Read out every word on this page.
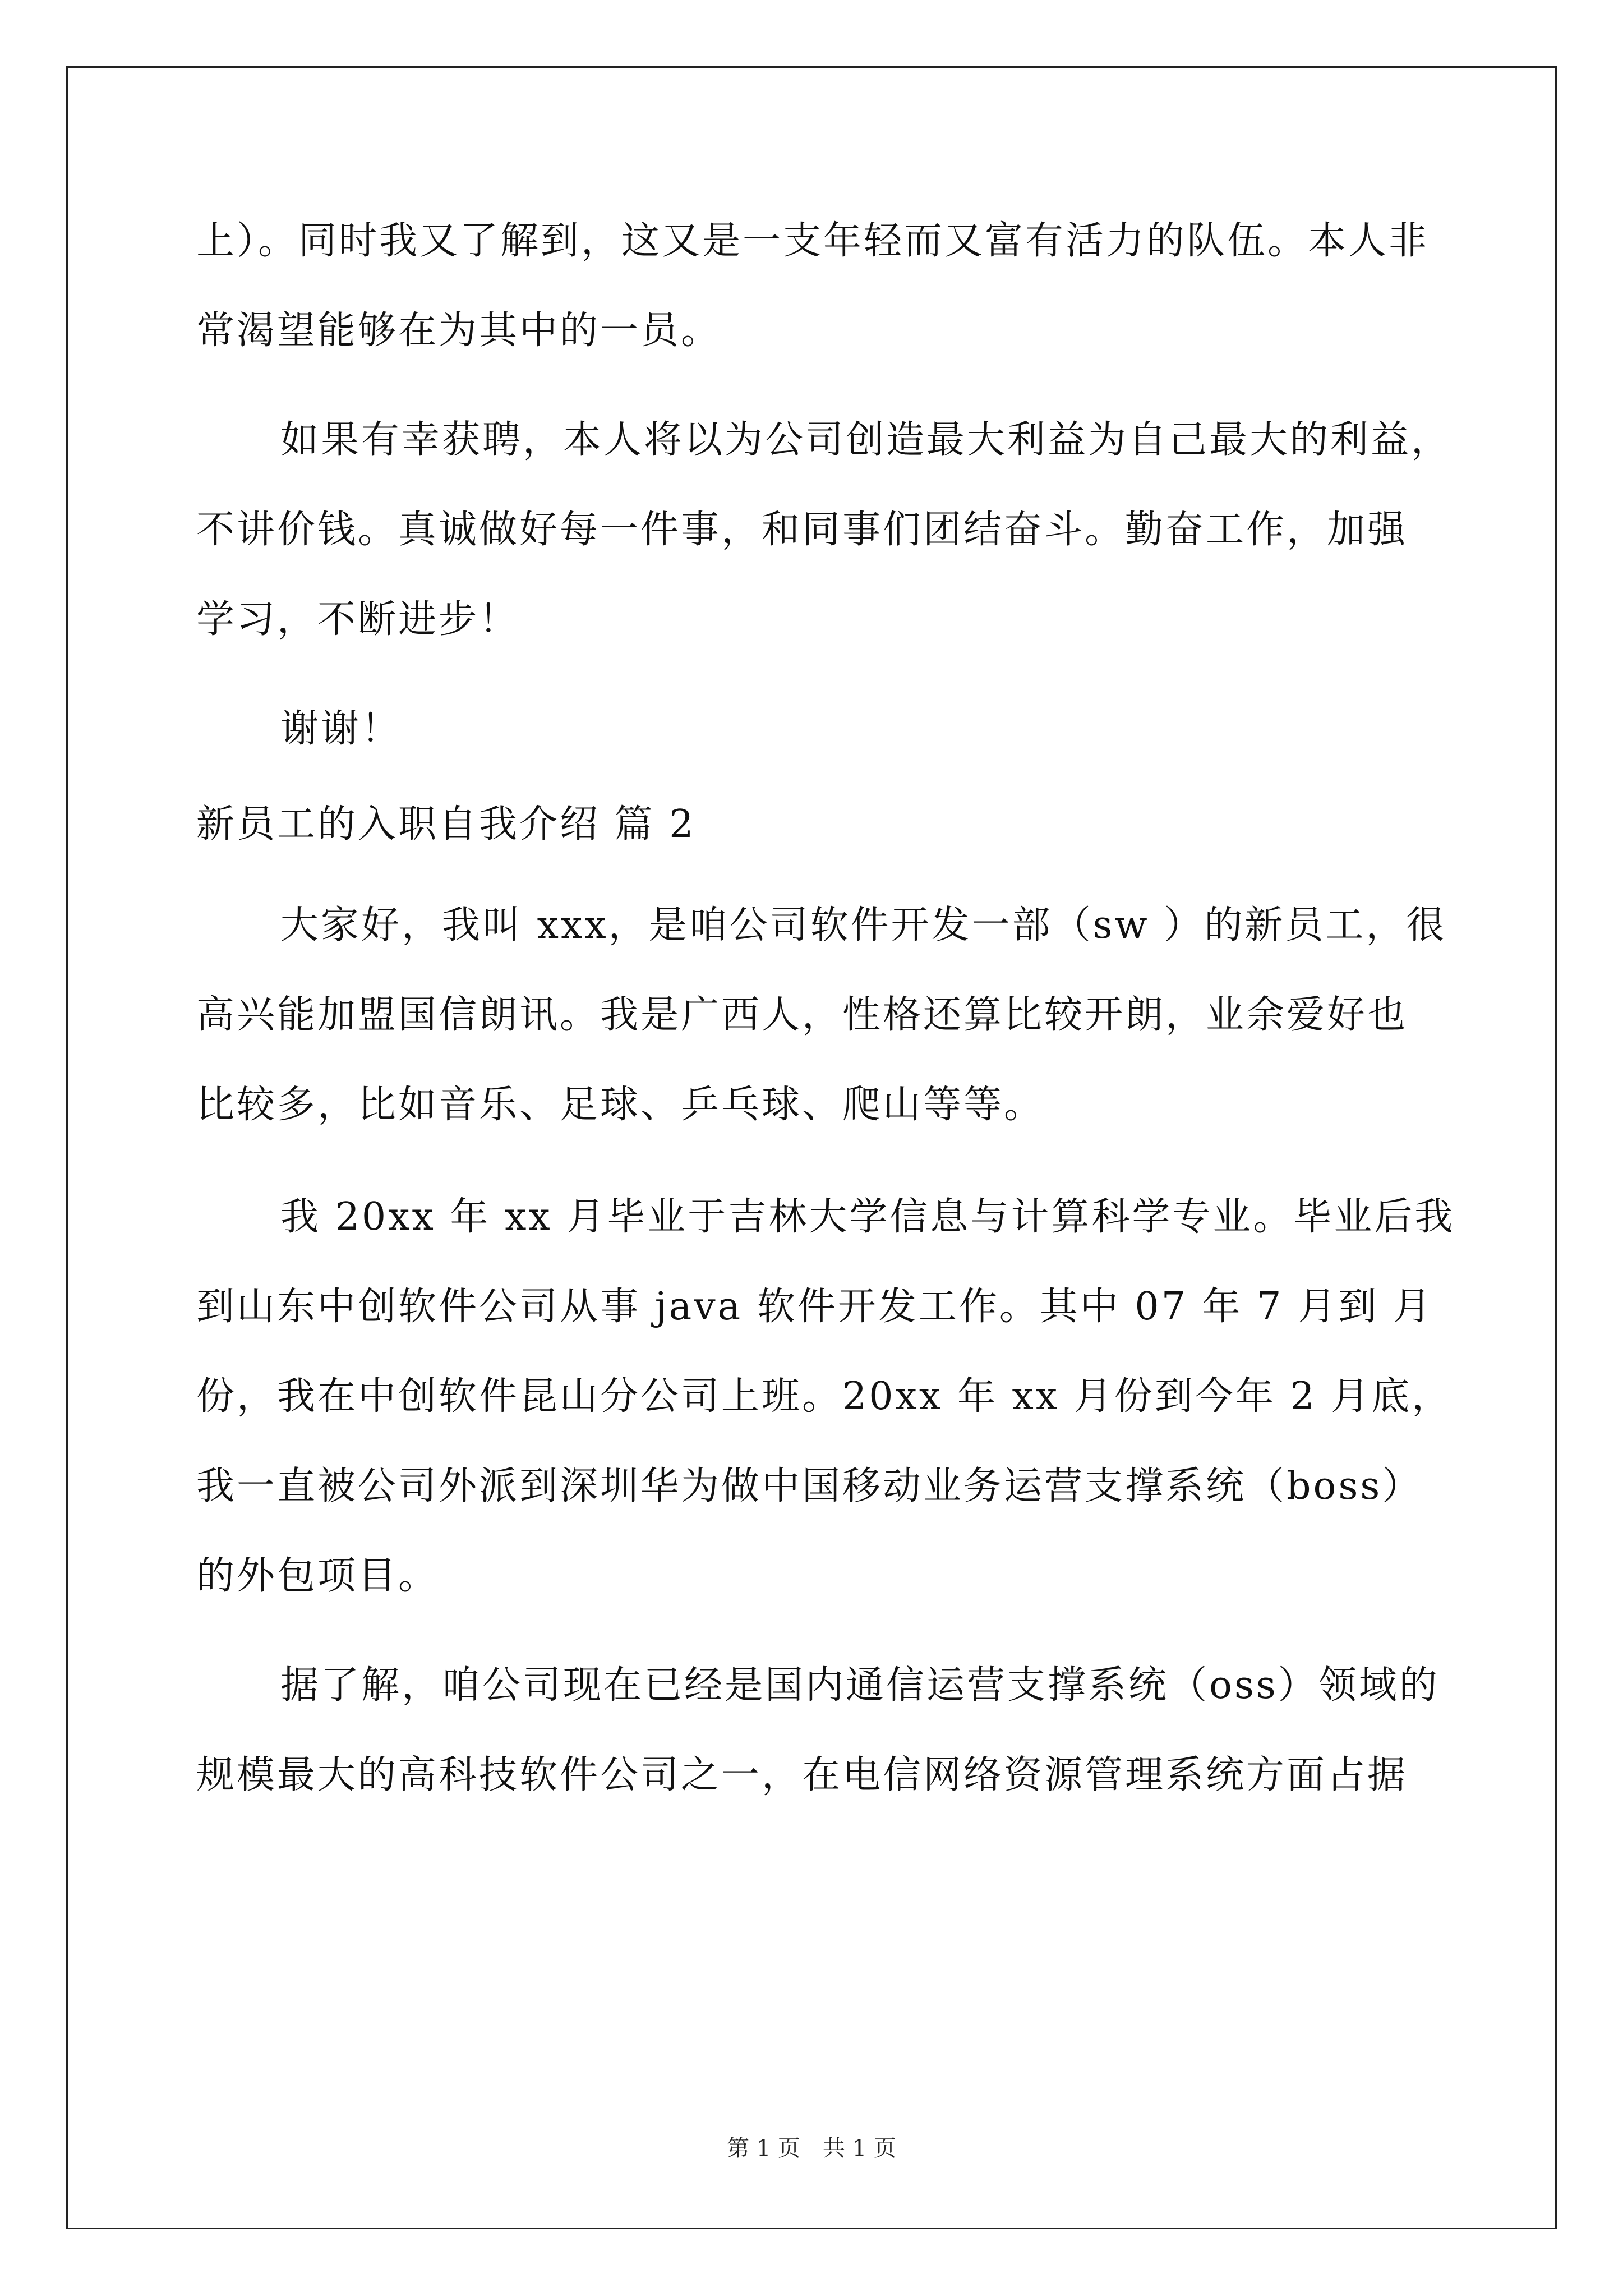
上）。同时我又了解到，这又是一支年轻而又富有活力的队伍。本人非
常渴望能够在为其中的一员。
如果有幸获聘，本人将以为公司创造最大利益为自己最大的利益，
不讲价钱。真诚做好每一件事，和同事们团结奋斗。勤奋工作，加强
学习，不断进步！
谢谢！
新员工的入职自我介绍 篇 2
大家好，我叫 xxx，是咱公司软件开发一部（sw ）的新员工，很
高兴能加盟国信朗讯。我是广西人，性格还算比较开朗，业余爱好也
比较多，比如音乐、足球、乒乓球、爬山等等。
我 20xx 年 xx 月毕业于吉林大学信息与计算科学专业。毕业后我
到山东中创软件公司从事 java 软件开发工作。其中 07 年 7 月到 月
份，我在中创软件昆山分公司上班。20xx 年 xx 月份到今年 2 月底，
我一直被公司外派到深圳华为做中国移动业务运营支撑系统（boss）
的外包项目。
据了解，咱公司现在已经是国内通信运营支撑系统（oss）领域的
规模最大的高科技软件公司之一，在电信网络资源管理系统方面占据
第 1 页　共 1 页
